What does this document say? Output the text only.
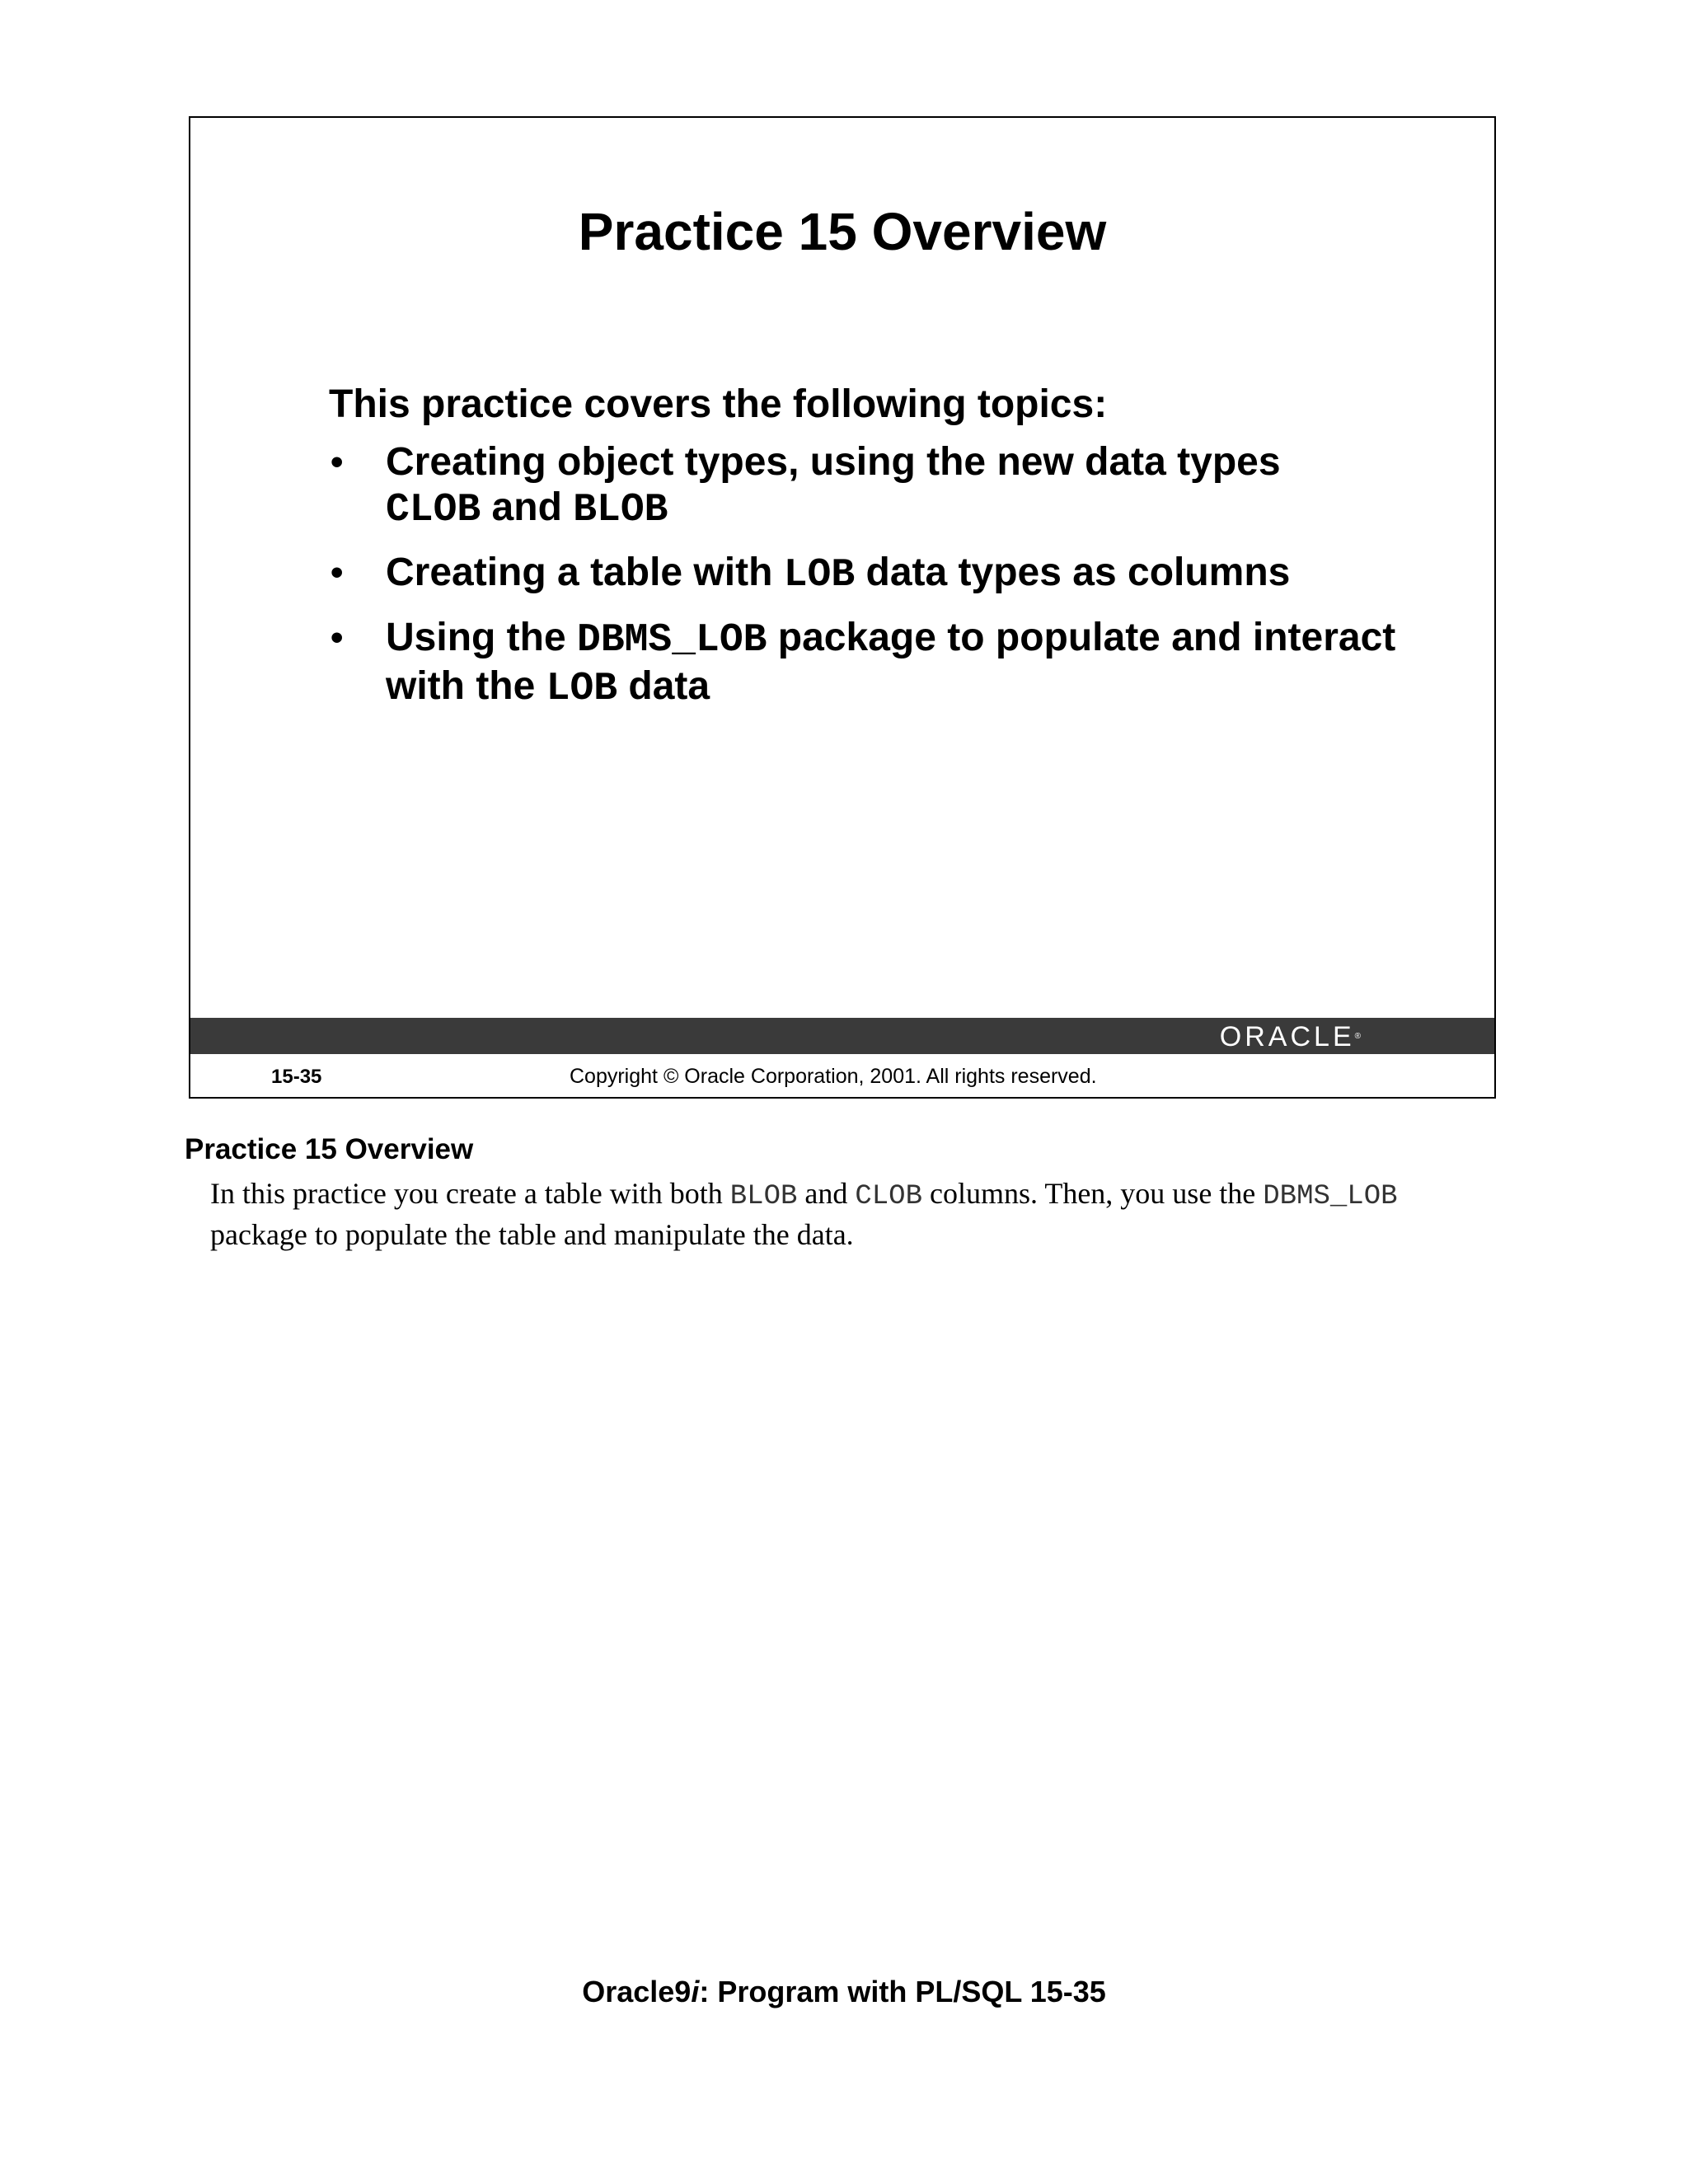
Practice 15 Overview

This practice covers the following topics:

• Creating object types, using the new data types
CLOB and BLOB
• Creating a table with LOB data types as columns
• Using the DBMS_LOB package to populate and interact with the LOB data
ORACLE®
15-35	Copyright © Oracle Corporation, 2001. All rights reserved.
Practice 15 Overview

In this practice you create a table with both BLOB and CLOB columns. Then, you use the DBMS_LOB package to populate the table and manipulate the data.

Oracle9i: Program with PL/SQL 15-35
